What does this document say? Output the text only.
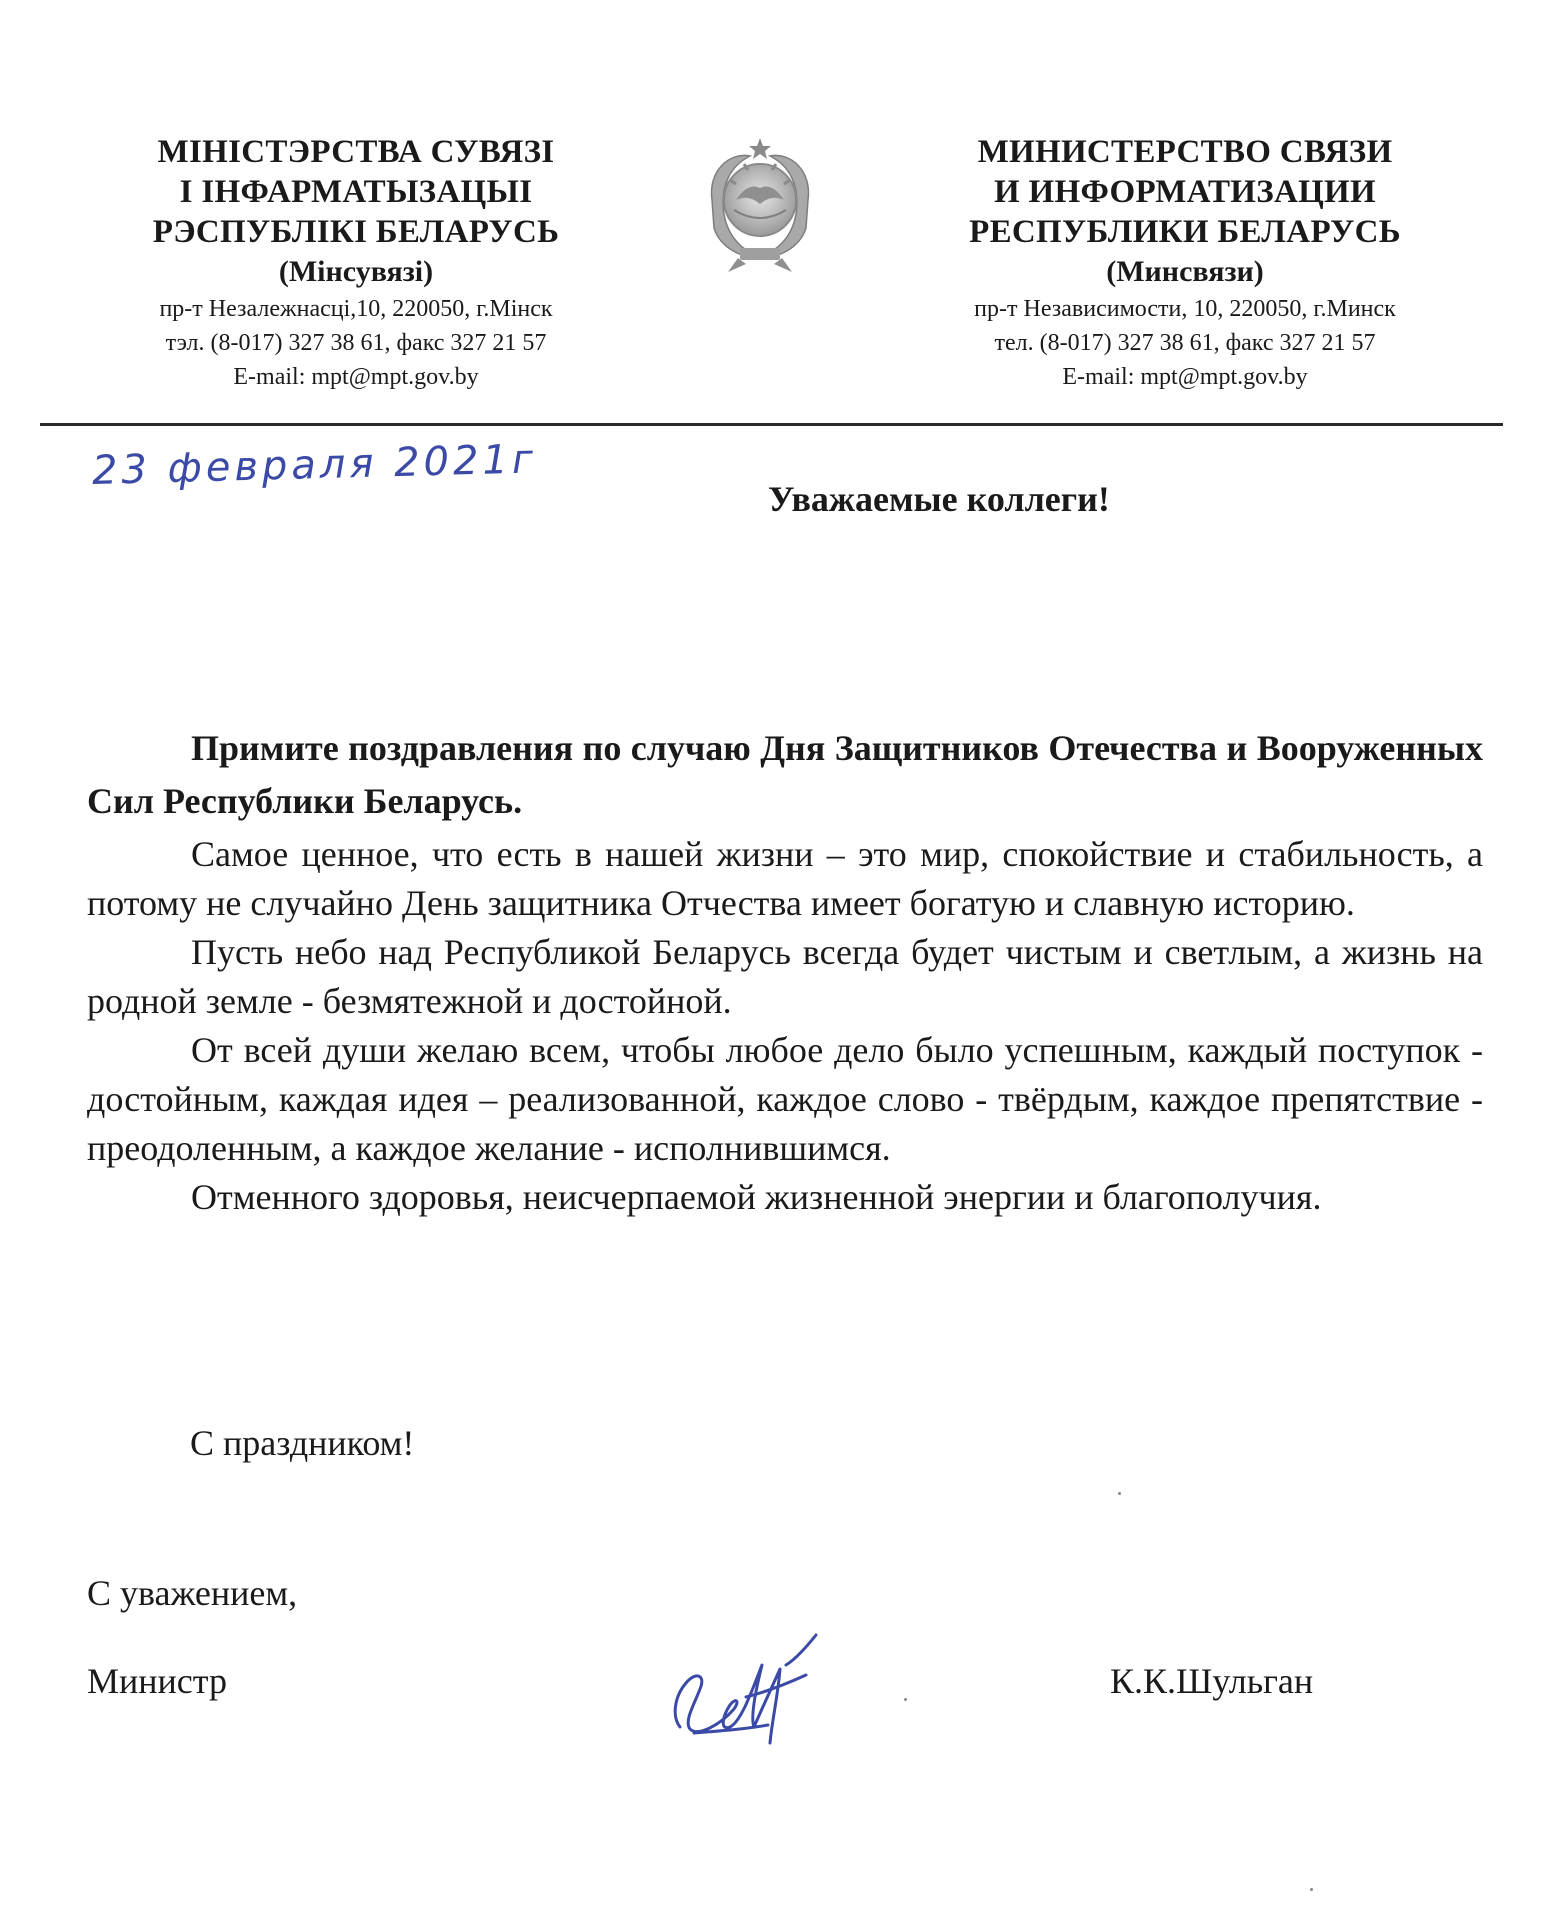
МІНІСТЭРСТВА СУВЯЗІ
І ІНФАРМАТЫЗАЦЫІ
РЭСПУБЛІКІ БЕЛАРУСЬ
(Мінсувязі)
пр-т Незалежнасці,10, 220050, г.Мінск
тэл. (8-017) 327 38 61, факс 327 21 57
E-mail: mpt@mpt.gov.by
МИНИСТЕРСТВО СВЯЗИ
И ИНФОРМАТИЗАЦИИ
РЕСПУБЛИКИ БЕЛАРУСЬ
(Минсвязи)
пр-т Независимости, 10, 220050, г.Минск
тел. (8-017) 327 38 61, факс 327 21 57
E-mail: mpt@mpt.gov.by
23 февраля 2021г
Уважаемые коллеги!

Примите поздравления по случаю Дня Защитников Отечества и Вооруженных Сил Республики Беларусь.

Самое ценное, что есть в нашей жизни – это мир, спокойствие и стабильность, а потому не случайно День защитника Отчества имеет богатую и славную историю.

Пусть небо над Республикой Беларусь всегда будет чистым и светлым, а жизнь на родной земле - безмятежной и достойной.

От всей души желаю всем, чтобы любое дело было успешным, каждый поступок - достойным, каждая идея – реализованной, каждое слово - твёрдым, каждое препятствие - преодоленным, а каждое желание - исполнившимся.

Отменного здоровья, неисчерпаемой жизненной энергии и благополучия.

С праздником!
С уважением,
Министр	К.К.Шульган
